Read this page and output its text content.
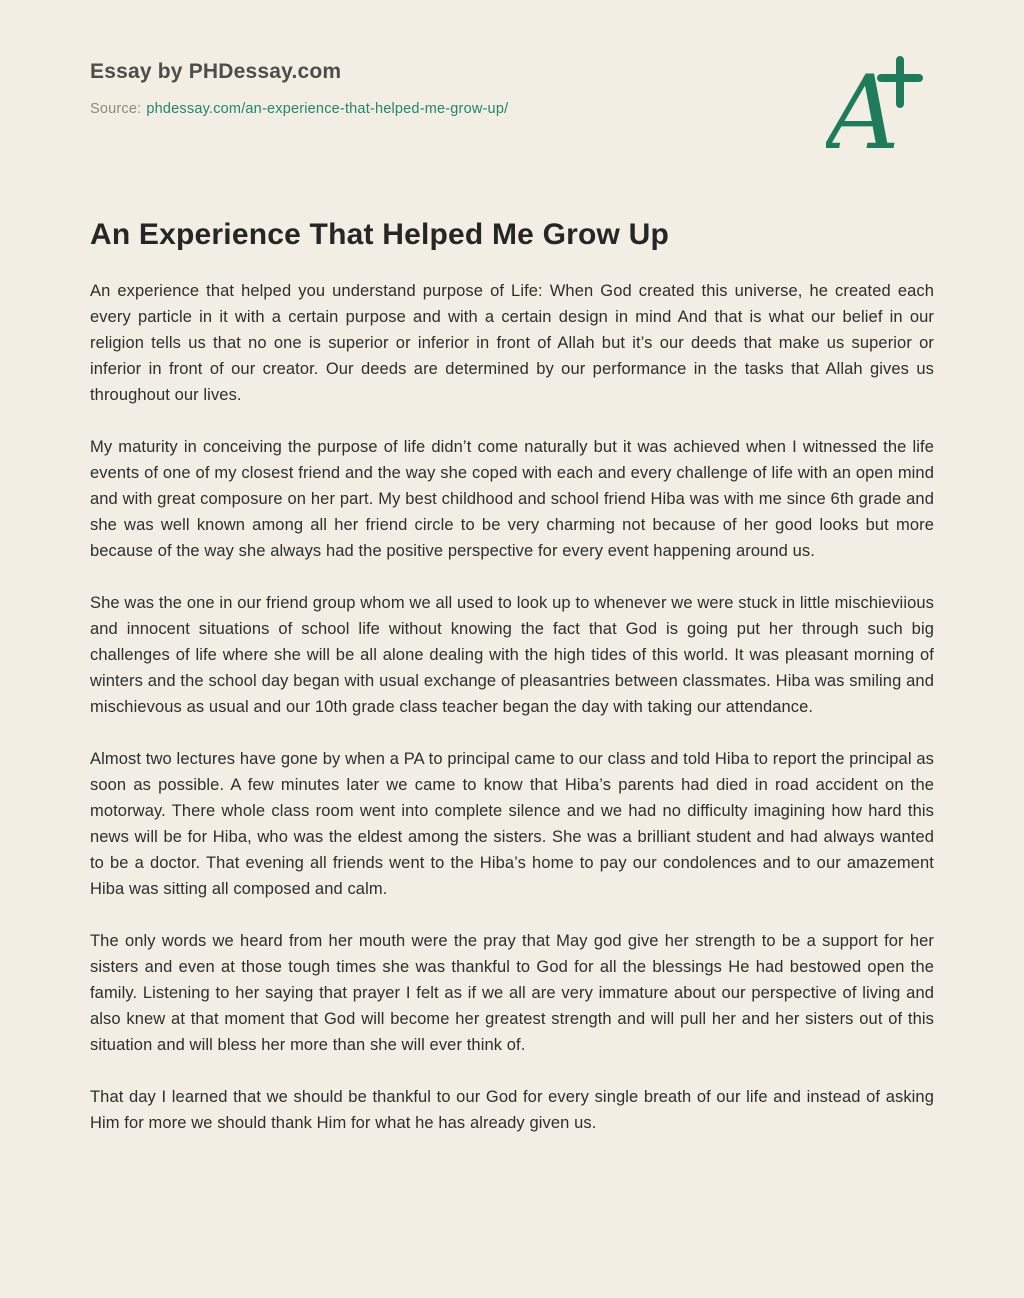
Essay by PHDessay.com
Source: phdessay.com/an-experience-that-helped-me-grow-up/	A
An Experience That Helped Me Grow Up

An experience that helped you understand purpose of Life: When God created this universe, he created each every particle in it with a certain purpose and with a certain design in mind And that is what our belief in our religion tells us that no one is superior or inferior in front of Allah but it’s our deeds that make us superior or inferior in front of our creator. Our deeds are determined by our performance in the tasks that Allah gives us throughout our lives.

My maturity in conceiving the purpose of life didn’t come naturally but it was achieved when I witnessed the life events of one of my closest friend and the way she coped with each and every challenge of life with an open mind and with great composure on her part. My best childhood and school friend Hiba was with me since 6th grade and she was well known among all her friend circle to be very charming not because of her good looks but more because of the way she always had the positive perspective for every event happening around us.

She was the one in our friend group whom we all used to look up to whenever we were stuck in little mischieviious and innocent situations of school life without knowing the fact that God is going put her through such big challenges of life where she will be all alone dealing with the high tides of this world. It was pleasant morning of winters and the school day began with usual exchange of pleasantries between classmates. Hiba was smiling and mischievous as usual and our 10th grade class teacher began the day with taking our attendance.

Almost two lectures have gone by when a PA to principal came to our class and told Hiba to report the principal as soon as possible. A few minutes later we came to know that Hiba’s parents had died in road accident on the motorway. There whole class room went into complete silence and we had no difficulty imagining how hard this news will be for Hiba, who was the eldest among the sisters. She was a brilliant student and had always wanted to be a doctor. That evening all friends went to the Hiba’s home to pay our condolences and to our amazement Hiba was sitting all composed and calm.

The only words we heard from her mouth were the pray that May god give her strength to be a support for her sisters and even at those tough times she was thankful to God for all the blessings He had bestowed open the family. Listening to her saying that prayer I felt as if we all are very immature about our perspective of living and also knew at that moment that God will become her greatest strength and will pull her and her sisters out of this situation and will bless her more than she will ever think of.

That day I learned that we should be thankful to our God for every single breath of our life and instead of asking Him for more we should thank Him for what he has already given us.
